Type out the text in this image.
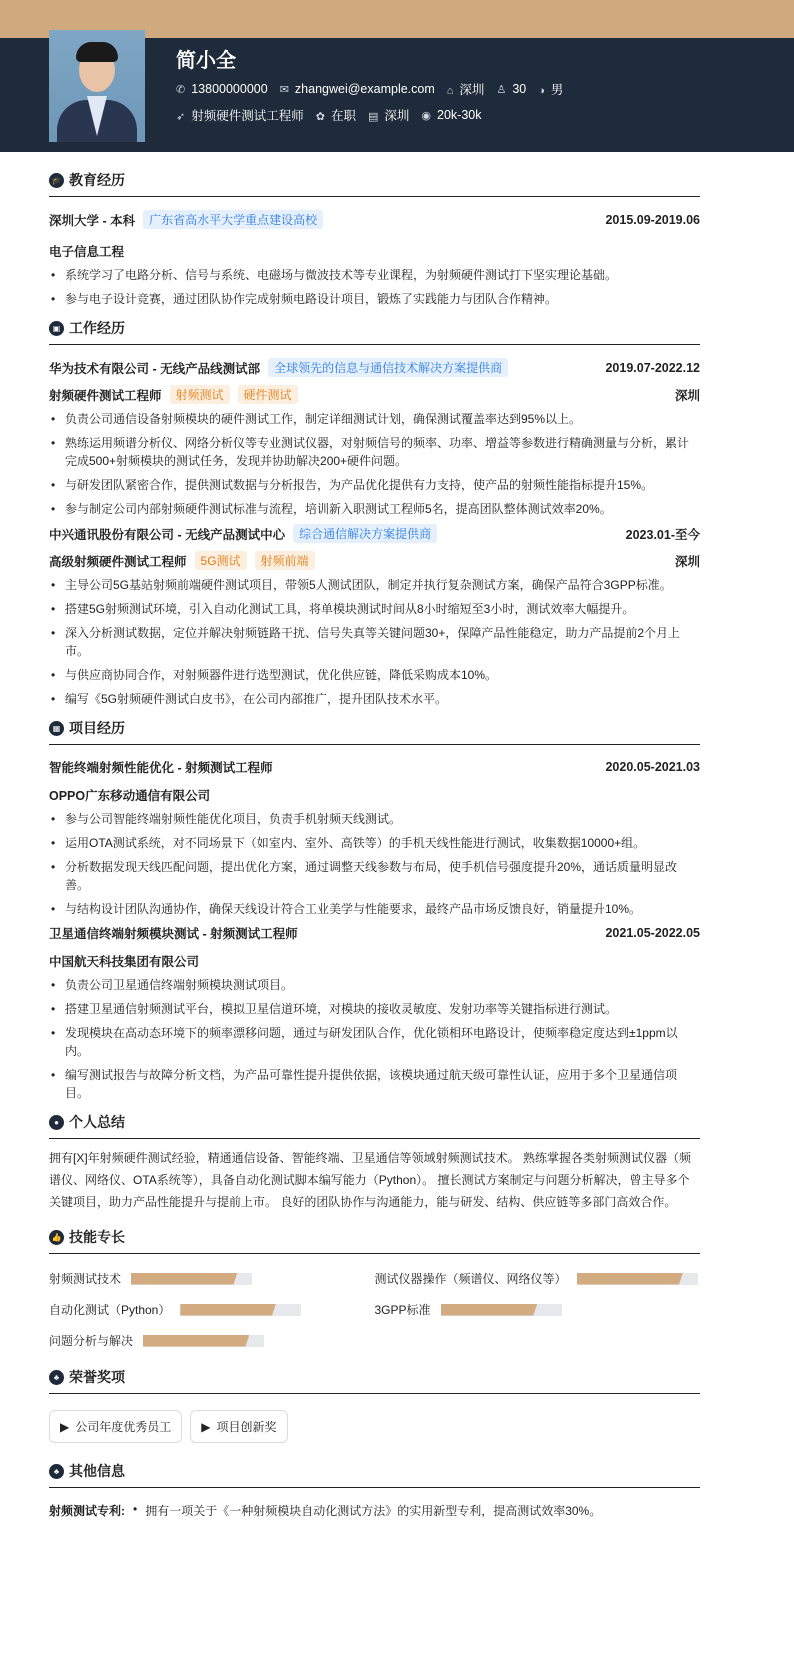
简小全
✆ 13800000000 ✉ zhangwei@example.com ⌂ 深圳 ♙ 30 ◑ 男
➶ 射频硬件测试工程师 ✿ 在职 ▤ 深圳 ◉ 20k-30k
🎓 教育经历
深圳大学 - 本科	广东省高水平大学重点建设高校	2015.09-2019.06
电子信息工程
• 系统学习了电路分析、信号与系统、电磁场与微波技术等专业课程，为射频硬件测试打下坚实理论基础。
• 参与电子设计竞赛，通过团队协作完成射频电路设计项目，锻炼了实践能力与团队合作精神。
▣ 工作经历
华为技术有限公司 - 无线产品线测试部	全球领先的信息与通信技术解决方案提供商	2019.07-2022.12
射频硬件测试工程师	射频测试	硬件测试	深圳
• 负责公司通信设备射频模块的硬件测试工作，制定详细测试计划，确保测试覆盖率达到95%以上。
• 熟练运用频谱分析仪、网络分析仪等专业测试仪器，对射频信号的频率、功率、增益等参数进行精确测量与分析，累计完成500+射频模块的测试任务，发现并协助解决200+硬件问题。
• 与研发团队紧密合作，提供测试数据与分析报告，为产品优化提供有力支持，使产品的射频性能指标提升15%。
• 参与制定公司内部射频硬件测试标准与流程，培训新入职测试工程师5名，提高团队整体测试效率20%。
中兴通讯股份有限公司 - 无线产品测试中心	综合通信解决方案提供商	2023.01-至今
高级射频硬件测试工程师	5G测试	射频前端	深圳
• 主导公司5G基站射频前端硬件测试项目，带领5人测试团队，制定并执行复杂测试方案，确保产品符合3GPP标准。
• 搭建5G射频测试环境，引入自动化测试工具，将单模块测试时间从8小时缩短至3小时，测试效率大幅提升。
• 深入分析测试数据，定位并解决射频链路干扰、信号失真等关键问题30+，保障产品性能稳定，助力产品提前2个月上市。
• 与供应商协同合作，对射频器件进行选型测试，优化供应链，降低采购成本10%。
• 编写《5G射频硬件测试白皮书》，在公司内部推广，提升团队技术水平。
▦ 项目经历
智能终端射频性能优化 - 射频测试工程师	2020.05-2021.03
OPPO广东移动通信有限公司
• 参与公司智能终端射频性能优化项目，负责手机射频天线测试。
• 运用OTA测试系统，对不同场景下（如室内、室外、高铁等）的手机天线性能进行测试，收集数据10000+组。
• 分析数据发现天线匹配问题，提出优化方案，通过调整天线参数与布局，使手机信号强度提升20%，通话质量明显改善。
• 与结构设计团队沟通协作，确保天线设计符合工业美学与性能要求，最终产品市场反馈良好，销量提升10%。
卫星通信终端射频模块测试 - 射频测试工程师	2021.05-2022.05
中国航天科技集团有限公司
• 负责公司卫星通信终端射频模块测试项目。
• 搭建卫星通信射频测试平台，模拟卫星信道环境，对模块的接收灵敏度、发射功率等关键指标进行测试。
• 发现模块在高动态环境下的频率漂移问题，通过与研发团队合作，优化锁相环电路设计，使频率稳定度达到±1ppm以内。
• 编写测试报告与故障分析文档，为产品可靠性提升提供依据，该模块通过航天级可靠性认证，应用于多个卫星通信项目。
● 个人总结
拥有[X]年射频硬件测试经验，精通通信设备、智能终端、卫星通信等领域射频测试技术。 熟练掌握各类射频测试仪器（频谱仪、网络仪、OTA系统等），具备自动化测试脚本编写能力（Python）。 擅长测试方案制定与问题分析解决，曾主导多个关键项目，助力产品性能提升与提前上市。 良好的团队协作与沟通能力，能与研发、结构、供应链等多部门高效合作。
👍 技能专长
射频测试技术	测试仪器操作（频谱仪、网络仪等）
自动化测试（Python）	3GPP标准
问题分析与解决
♣ 荣誉奖项
▶ 公司年度优秀员工	▶ 项目创新奖
♣ 其他信息
射频测试专利: • 拥有一项关于《一种射频模块自动化测试方法》的实用新型专利，提高测试效率30%。
